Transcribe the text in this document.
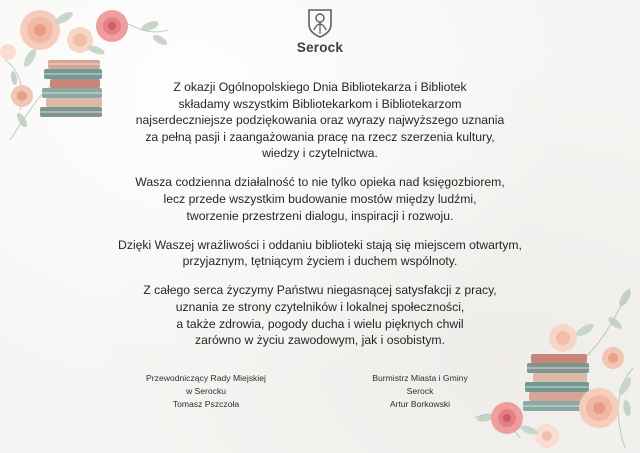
Serock

Z okazji Ogólnopolskiego Dnia Bibliotekarza i Bibliotek
składamy wszystkim Bibliotekarkom i Bibliotekarzom
najserdeczniejsze podziękowania oraz wyrazy najwyższego uznania
za pełną pasji i zaangażowania pracę na rzecz szerzenia kultury,
wiedzy i czytelnictwa.

Wasza codzienna działalność to nie tylko opieka nad księgozbiorem,
lecz przede wszystkim budowanie mostów między ludźmi,
tworzenie przestrzeni dialogu, inspiracji i rozwoju.

Dzięki Waszej wrażliwości i oddaniu biblioteki stają się miejscem otwartym,
przyjaznym, tętniącym życiem i duchem wspólnoty.

Z całego serca życzymy Państwu niegasnącej satysfakcji z pracy,
uznania ze strony czytelników i lokalnej społeczności,
a także zdrowia, pogody ducha i wielu pięknych chwil
zarówno w życiu zawodowym, jak i osobistym.

Przewodniczący Rady Miejskiej
w Serocku
Tomasz Pszczoła
Burmistrz Miasta i Gminy
Serock
Artur Borkowski
